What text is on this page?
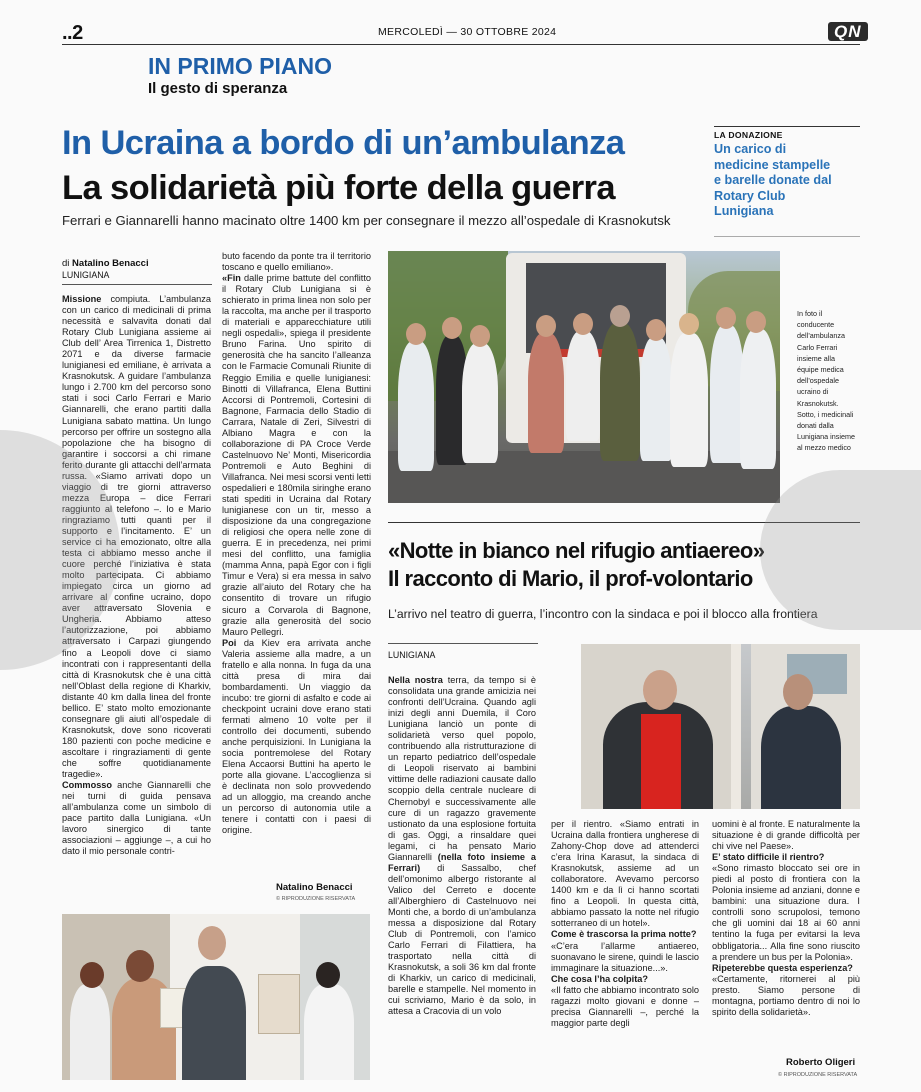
..2	MERCOLEDÌ — 30 OTTOBRE 2024	QN
IN PRIMO PIANO
Il gesto di speranza
In Ucraina a bordo di un’ambulanza
La solidarietà più forte della guerra
Ferrari e Giannarelli hanno macinato oltre 1400 km per consegnare il mezzo all’ospedale di Krasnokutsk
LA DONAZIONE
Un carico di medicine stampelle e barelle donate dal Rotary Club Lunigiana
di Natalino Benacci
LUNIGIANA

Missione compiuta. L’ambulanza con un carico di medicinali di prima necessità e salvavita donati dal Rotary Club Lunigiana assieme ai Club dell’ Area Tirrenica 1, Distretto 2071 e da diverse farmacie lunigianesi ed emiliane, è arrivata a Krasnokutsk. A guidare l’ambulanza lungo i 2.700 km del percorso sono stati i soci Carlo Ferrari e Mario Giannarelli, che erano partiti dalla Lunigiana sabato mattina. Un lungo percorso per offrire un sostegno alla popolazione che ha bisogno di garantire i soccorsi a chi rimane ferito durante gli attacchi dell’armata russa. «Siamo arrivati dopo un viaggio di tre giorni attraverso mezza Europa – dice Ferrari raggiunto al telefono –. Io e Mario ringraziamo tutti quanti per il supporto e l’incitamento. E’ un service ci ha emozionato, oltre alla testa ci abbiamo messo anche il cuore perché l’iniziativa è stata molto partecipata. Ci abbiamo impiegato circa un giorno ad arrivare al confine ucraino, dopo aver attraversato Slovenia e Ungheria. Abbiamo atteso l’autorizzazione, poi abbiamo attraversato i Carpazi giungendo fino a Leopoli dove ci siamo incontrati con i rappresentanti della città di Krasnokutsk che è una città nell’Oblast della regione di Kharkiv, distante 40 km dalla linea del fronte bellico. E’ stato molto emozionante consegnare gli aiuti all’ospedale di Krasnokutsk, dove sono ricoverati 180 pazienti con poche medicine e ascoltare i ringraziamenti di gente che soffre quotidianamente tragedie».

Commosso anche Giannarelli che nei turni di guida pensava all’ambulanza come un simbolo di pace partito dalla Lunigiana. «Un lavoro sinergico di tante associazioni – aggiunge –, a cui ho dato il mio personale contri-

buto facendo da ponte tra il territorio toscano e quello emiliano».

«Fin dalle prime battute del conflitto il Rotary Club Lunigiana si è schierato in prima linea non solo per la raccolta, ma anche per il trasporto di materiali e apparecchiature utili negli ospedali», spiega il presidente Bruno Farina. Uno spirito di generosità che ha sancito l’alleanza con le Farmacie Comunali Riunite di Reggio Emilia e quelle lunigianesi: Binotti di Villafranca, Elena Buttini Accorsi di Pontremoli, Cortesini di Bagnone, Farmacia dello Stadio di Carrara, Natale di Zeri, Silvestri di Albiano Magra e con la collaborazione di PA Croce Verde Castelnuovo Ne’ Monti, Misericordia Pontremoli e Auto Beghini di Villafranca. Nei mesi scorsi venti letti ospedalieri e 180mila siringhe erano stati spediti in Ucraina dal Rotary lunigianese con un tir, messo a disposizione da una congregazione di religiosi che opera nelle zone di guerra. E in precedenza, nei primi mesi del conflitto, una famiglia (mamma Anna, papà Egor con i figli Timur e Vera) si era messa in salvo grazie all’aiuto del Rotary che ha consentito di trovare un rifugio sicuro a Corvarola di Bagnone, grazie alla generosità del socio Mauro Pellegri.

Poi da Kiev era arrivata anche Valeria assieme alla madre, a un fratello e alla nonna. In fuga da una città presa di mira dai bombardamenti. Un viaggio da incubo: tre giorni di asfalto e code ai checkpoint ucraini dove erano stati fermati almeno 10 volte per il controllo dei documenti, subendo anche perquisizioni. In Lunigiana la socia pontremolese del Rotary Elena Accaorsi Buttini ha aperto le porte alla giovane. L’accoglienza si è declinata non solo provvedendo ad un alloggio, ma creando anche un percorso di autonomia utile a tenere i contatti con i paesi di origine.

Natalino Benacci
© RIPRODUZIONE RISERVATA
In foto il conducente dell’ambulanza Carlo Ferrari insieme alla équipe medica dell’ospedale ucraino di Krasnokutsk. Sotto, i medicinali donati dalla Lunigiana insieme al mezzo medico
«Notte in bianco nel rifugio antiaereo»
Il racconto di Mario, il prof-volontario
L’arrivo nel teatro di guerra, l’incontro con la sindaca e poi il blocco alla frontiera
LUNIGIANA

Nella nostra terra, da tempo si è consolidata una grande amicizia nei confronti dell’Ucraina. Quando agli inizi degli anni Duemila, il Coro Lunigiana lanciò un ponte di solidarietà verso quel popolo, contribuendo alla ristrutturazione di un reparto pediatrico dell’ospedale di Leopoli riservato ai bambini vittime delle radiazioni causate dallo scoppio della centrale nucleare di Chernobyl e successivamente alle cure di un ragazzo gravemente ustionato da una esplosione fortuita di gas. Oggi, a rinsaldare quei legami, ci ha pensato Mario Giannarelli (nella foto insieme a Ferrari) di Sassalbo, chef dell’omonimo albergo ristorante al Valico del Cerreto e docente all’Alberghiero di Castelnuovo nei Monti che, a bordo di un’ambulanza messa a disposizione dal Rotary Club di Pontremoli, con l’amico Carlo Ferrari di Filattiera, ha trasportato nella città di Krasnokutsk, a soli 36 km dal fronte di Kharkiv, un carico di medicinali, barelle e stampelle. Nel momento in cui scriviamo, Mario è da solo, in attesa a Cracovia di un volo

per il rientro. «Siamo entrati in Ucraina dalla frontiera ungherese di Zahony-Chop dove ad attenderci c’era Irina Karasut, la sindaca di Krasnokutsk, assieme ad un collaboratore. Avevamo percorso 1400 km e da lì ci hanno scortati fino a Leopoli. In questa città, abbiamo passato la notte nel rifugio sotterraneo di un hotel».

Come è trascorsa la prima notte?

«C’era l’allarme antiaereo, suonavano le sirene, quindi le lascio immaginare la situazione...».

Che cosa l’ha colpita?

«Il fatto che abbiamo incontrato solo ragazzi molto giovani e donne – precisa Giannarelli –, perché la maggior parte degli

uomini è al fronte. E naturalmente la situazione è di grande difficoltà per chi vive nel Paese».

E’ stato difficile il rientro?

«Sono rimasto bloccato sei ore in piedi al posto di frontiera con la Polonia insieme ad anziani, donne e bambini: una situazione dura. I controlli sono scrupolosi, temono che gli uomini dai 18 ai 60 anni tentino la fuga per evitarsi la leva obbligatoria... Alla fine sono riuscito a prendere un bus per la Polonia».

Ripeterebbe questa esperienza?

«Certamente, ritornerei al più presto. Siamo persone di montagna, portiamo dentro di noi lo spirito della solidarietà».

Roberto Oligeri
© RIPRODUZIONE RISERVATA
